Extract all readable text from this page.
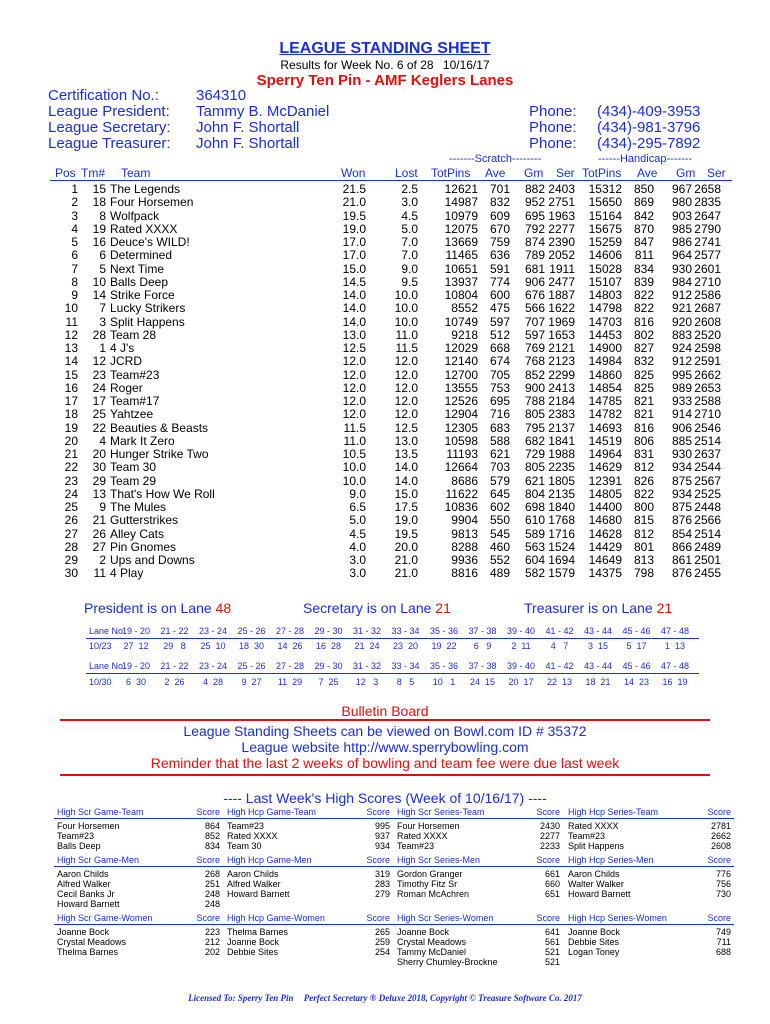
LEAGUE STANDING SHEET
Results for Week No. 6 of 28 10/16/17
Sperry Ten Pin - AMF Keglers Lanes
Certification No.: 364310
League President: Tammy B. McDaniel
League Secretary: John F. Shortall
League Treasurer: John F. Shortall
Phone: (434)-409-3953
Phone: (434)-981-3796
Phone: (434)-295-7892
-------Scratch--------	------Handicap-------
Pos Tm# Team	Won Lost TotPins Ave Gm Ser TotPins Ave Gm Ser
1	15	The Legends	21.5	2.5	12621	701	882	2403	15312	850	967	2658
2	18	Four Horsemen	21.0	3.0	14987	832	952	2751	15650	869	980	2835
3	8	Wolfpack	19.5	4.5	10979	609	695	1963	15164	842	903	2647
4	19	Rated XXXX	19.0	5.0	12075	670	792	2277	15675	870	985	2790
5	16	Deuce's WILD!	17.0	7.0	13669	759	874	2390	15259	847	986	2741
6	6	Determined	17.0	7.0	11465	636	789	2052	14606	811	964	2577
7	5	Next Time	15.0	9.0	10651	591	681	1911	15028	834	930	2601
8	10	Balls Deep	14.5	9.5	13937	774	906	2477	15107	839	984	2710
9	14	Strike Force	14.0	10.0	10804	600	676	1887	14803	822	912	2586
10	7	Lucky Strikers	14.0	10.0	8552	475	566	1622	14798	822	921	2687
11	3	Split Happens	14.0	10.0	10749	597	707	1969	14703	816	920	2608
12	28	Team 28	13.0	11.0	9218	512	597	1653	14453	802	883	2520
13	1	4 J's	12.5	11.5	12029	668	769	2121	14900	827	924	2598
14	12	JCRD	12.0	12.0	12140	674	768	2123	14984	832	912	2591
15	23	Team#23	12.0	12.0	12700	705	852	2299	14860	825	995	2662
16	24	Roger	12.0	12.0	13555	753	900	2413	14854	825	989	2653
17	17	Team#17	12.0	12.0	12526	695	788	2184	14785	821	933	2588
18	25	Yahtzee	12.0	12.0	12904	716	805	2383	14782	821	914	2710
19	22	Beauties & Beasts	11.5	12.5	12305	683	795	2137	14693	816	906	2546
20	4	Mark It Zero	11.0	13.0	10598	588	682	1841	14519	806	885	2514
21	20	Hunger Strike Two	10.5	13.5	11193	621	729	1988	14964	831	930	2637
22	30	Team 30	10.0	14.0	12664	703	805	2235	14629	812	934	2544
23	29	Team 29	10.0	14.0	8686	579	621	1805	12391	826	875	2567
24	13	That's How We Roll	9.0	15.0	11622	645	804	2135	14805	822	934	2525
25	9	The Mules	6.5	17.5	10836	602	698	1840	14400	800	875	2448
26	21	Gutterstrikes	5.0	19.0	9904	550	610	1768	14680	815	876	2566
27	26	Alley Cats	4.5	19.5	9813	545	589	1716	14628	812	854	2514
28	27	Pin Gnomes	4.0	20.0	8288	460	563	1524	14429	801	866	2489
29	2	Ups and Downs	3.0	21.0	9936	552	604	1694	14649	813	861	2501
30	11	4 Play	3.0	21.0	8816	489	582	1579	14375	798	876	2455
President is on Lane 48	Secretary is on Lane 21	Treasurer is on Lane 21
Lane No
19 - 20	21 - 22	23 - 24	25 - 26	27 - 28	29 - 30	31 - 32	33 - 34	35 - 36	37 - 38	39 - 40	41 - 42	43 - 44	45 - 46	47 - 48
10/23	27  12	29   8	25  10	18  30	14  26	16  28	21  24	23  20	19  22	6   9	2  11	4   7	3  15	5  17	1  13
Lane No
19 - 20	21 - 22	23 - 24	25 - 26	27 - 28	29 - 30	31 - 32	33 - 34	35 - 36	37 - 38	39 - 40	41 - 42	43 - 44	45 - 46	47 - 48
10/30	6  30	2  26	4  28	9  27	11  29	7  25	12   3	8   5	10   1	24  15	20  17	22  13	18  21	14  23	16  19
Bulletin Board
League Standing Sheets can be viewed on Bowl.com ID # 35372
League website http://www.sperrybowling.com
Reminder that the last 2 weeks of bowling and team fee were due last week
---- Last Week's High Scores (Week of 10/16/17) ----
High Scr Game-Team	Score
Four Horsemen	864
Team#23	852
Balls Deep	834
High Hcp Game-Team	Score
Team#23	995
Rated XXXX	937
Team 30	934
High Scr Series-Team	Score
Four Horsemen	2430
Rated XXXX	2277
Team#23	2233
High Hcp Series-Team	Score
Rated XXXX	2781
Team#23	2662
Split Happens	2608
High Scr Game-Men	Score
Aaron Childs	268
Alfred Walker	251
Cecil Banks Jr	248
Howard Barnett	248
High Hcp Game-Men	Score
Aaron Childs	319
Alfred Walker	283
Howard Barnett	279
High Scr Series-Men	Score
Gordon Granger	661
Timothy Fitz Sr	660
Roman McAchren	651
High Hcp Series-Men	Score
Aaron Childs	776
Walter Walker	756
Howard Barnett	730
High Scr Game-Women	Score
Joanne Bock	223
Crystal Meadows	212
Thelma Barnes	202
High Hcp Game-Women	Score
Thelma Barnes	265
Joanne Bock	259
Debbie Sites	254
High Scr Series-Women	Score
Joanne Bock	641
Crystal Meadows	561
Tammy McDaniel	521
Sherry Chumley-Brockne	521
High Hcp Series-Women	Score
Joanne Bock	749
Debbie Sites	711
Logan Toney	688
Licensed To: Sperry Ten Pin Perfect Secretary ® Deluxe 2018, Copyright © Treasure Software Co. 2017
